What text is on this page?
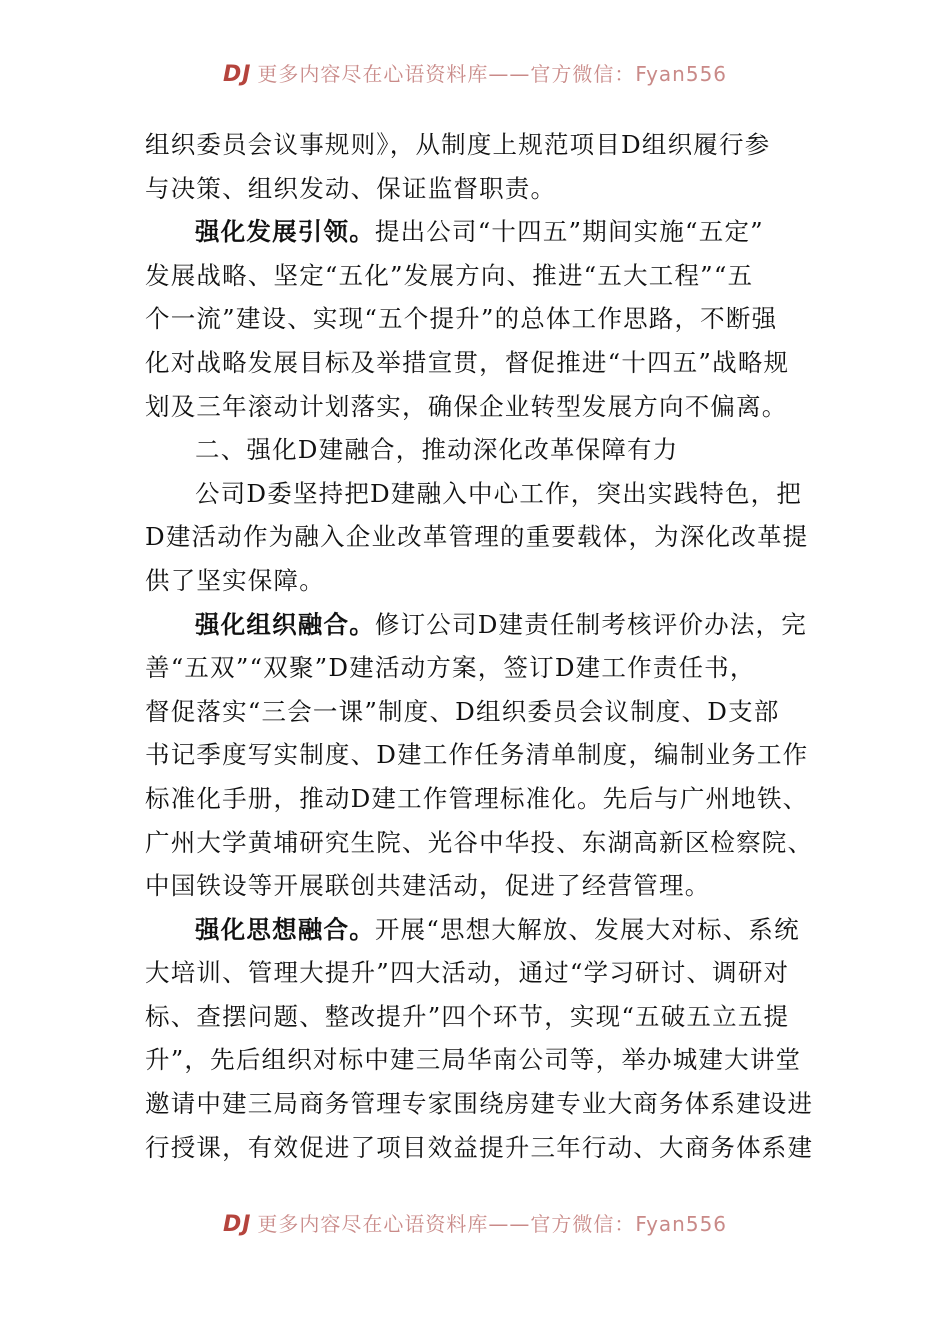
DJ 更多内容尽在心语资料库——官方微信：Fyan556
组织委员会议事规则》，从制度上规范项目D组织履行参
与决策、组织发动、保证监督职责。
强化发展引领。提出公司“十四五”期间实施“五定”
发展战略、坚定“五化”发展方向、推进“五大工程”“五
个一流”建设、实现“五个提升”的总体工作思路，不断强
化对战略发展目标及举措宣贯，督促推进“十四五”战略规
划及三年滚动计划落实，确保企业转型发展方向不偏离。
二、强化D建融合，推动深化改革保障有力
公司D委坚持把D建融入中心工作，突出实践特色，把
D建活动作为融入企业改革管理的重要载体，为深化改革提
供了坚实保障。
强化组织融合。修订公司D建责任制考核评价办法，完
善“五双”“双聚”D建活动方案，签订D建工作责任书，
督促落实“三会一课”制度、D组织委员会议制度、D支部
书记季度写实制度、D建工作任务清单制度，编制业务工作
标准化手册，推动D建工作管理标准化。先后与广州地铁、
广州大学黄埔研究生院、光谷中华投、东湖高新区检察院、
中国铁设等开展联创共建活动，促进了经营管理。
强化思想融合。开展“思想大解放、发展大对标、系统
大培训、管理大提升”四大活动，通过“学习研讨、调研对
标、查摆问题、整改提升”四个环节，实现“五破五立五提
升”，先后组织对标中建三局华南公司等，举办城建大讲堂
邀请中建三局商务管理专家围绕房建专业大商务体系建设进
行授课，有效促进了项目效益提升三年行动、大商务体系建
DJ 更多内容尽在心语资料库——官方微信：Fyan556
